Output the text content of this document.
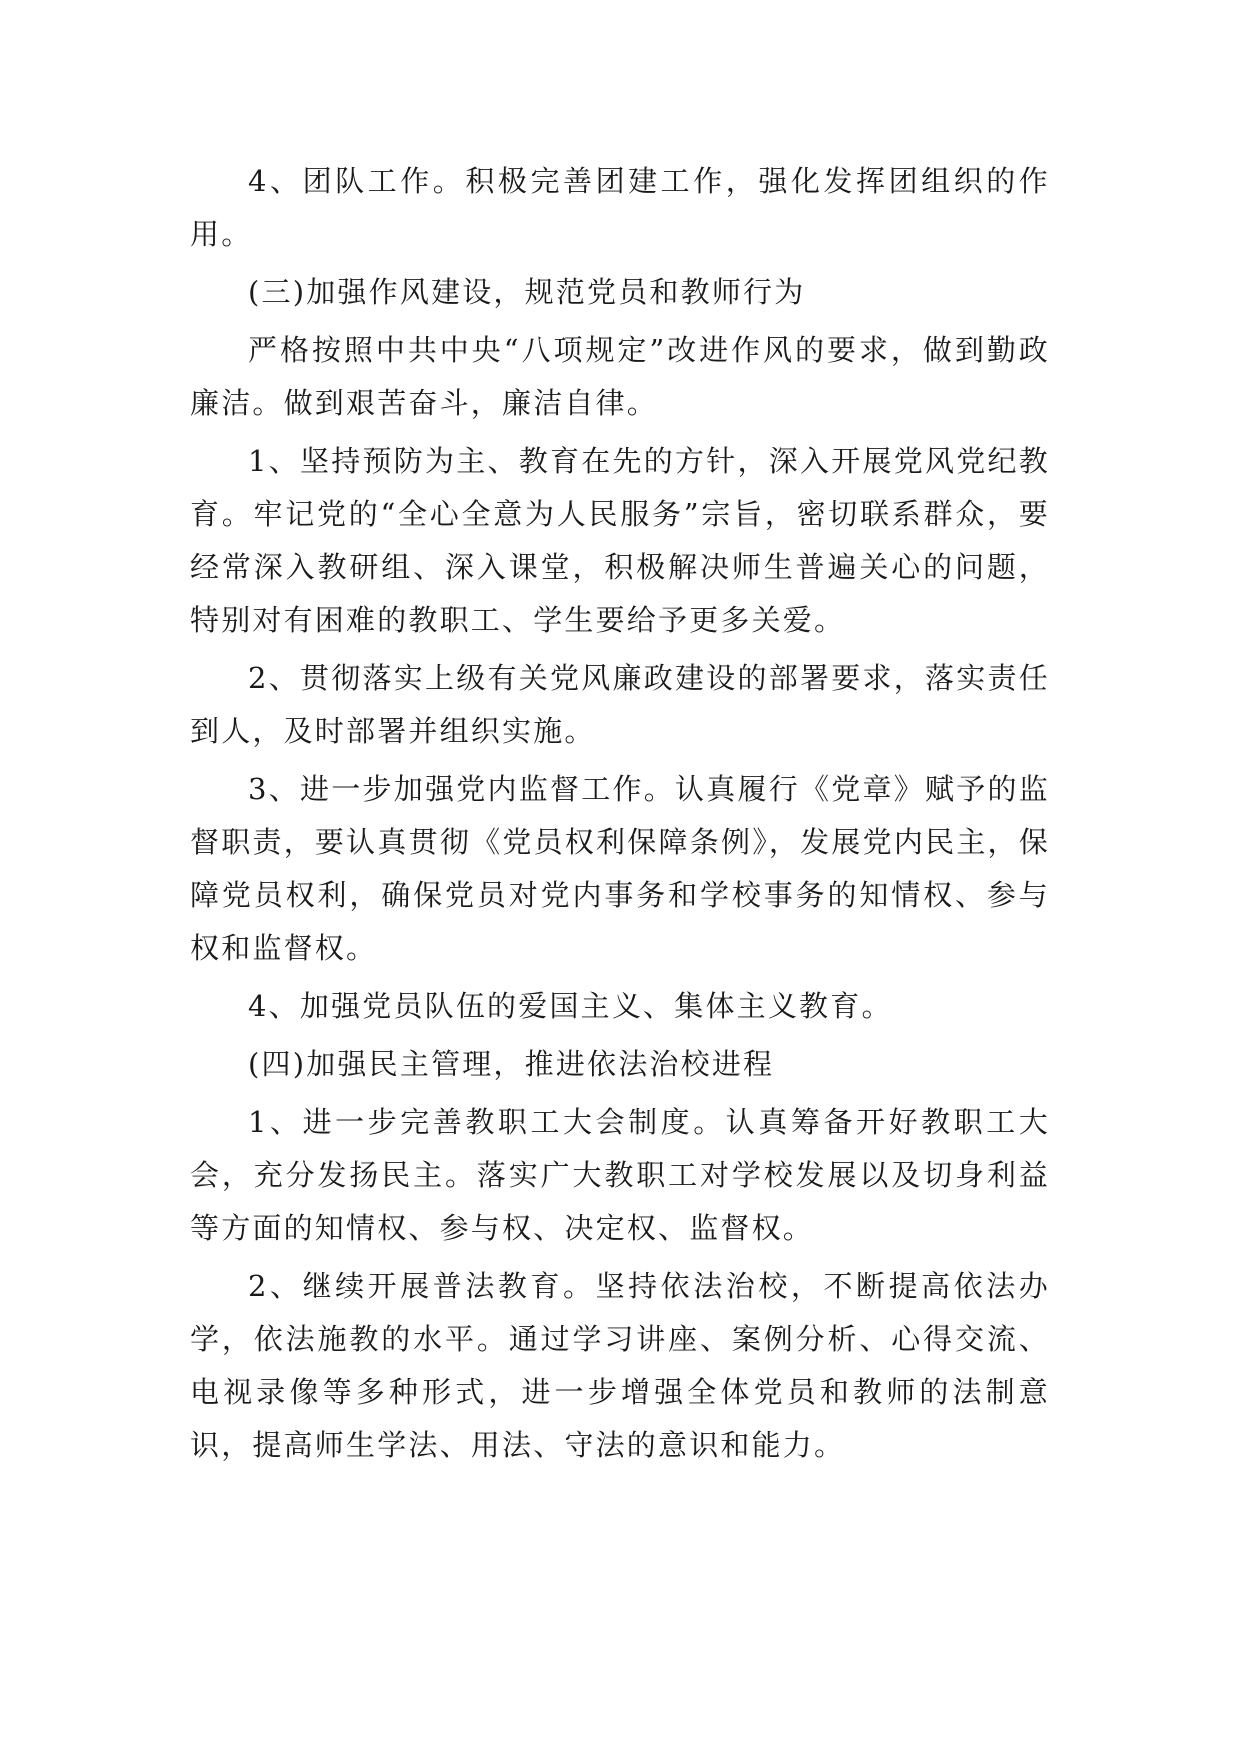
4、团队工作。积极完善团建工作，强化发挥团组织的作用。

(三)加强作风建设，规范党员和教师行为

严格按照中共中央“八项规定”改进作风的要求，做到勤政廉洁。做到艰苦奋斗，廉洁自律。

1、坚持预防为主、教育在先的方针，深入开展党风党纪教育。牢记党的“全心全意为人民服务”宗旨，密切联系群众，要经常深入教研组、深入课堂，积极解决师生普遍关心的问题，特别对有困难的教职工、学生要给予更多关爱。

2、贯彻落实上级有关党风廉政建设的部署要求，落实责任到人，及时部署并组织实施。

3、进一步加强党内监督工作。认真履行《党章》赋予的监督职责，要认真贯彻《党员权利保障条例》，发展党内民主，保障党员权利，确保党员对党内事务和学校事务的知情权、参与权和监督权。

4、加强党员队伍的爱国主义、集体主义教育。

(四)加强民主管理，推进依法治校进程

1、进一步完善教职工大会制度。认真筹备开好教职工大会，充分发扬民主。落实广大教职工对学校发展以及切身利益等方面的知情权、参与权、决定权、监督权。

2、继续开展普法教育。坚持依法治校，不断提高依法办学，依法施教的水平。通过学习讲座、案例分析、心得交流、电视录像等多种形式，进一步增强全体党员和教师的法制意识，提高师生学法、用法、守法的意识和能力。
